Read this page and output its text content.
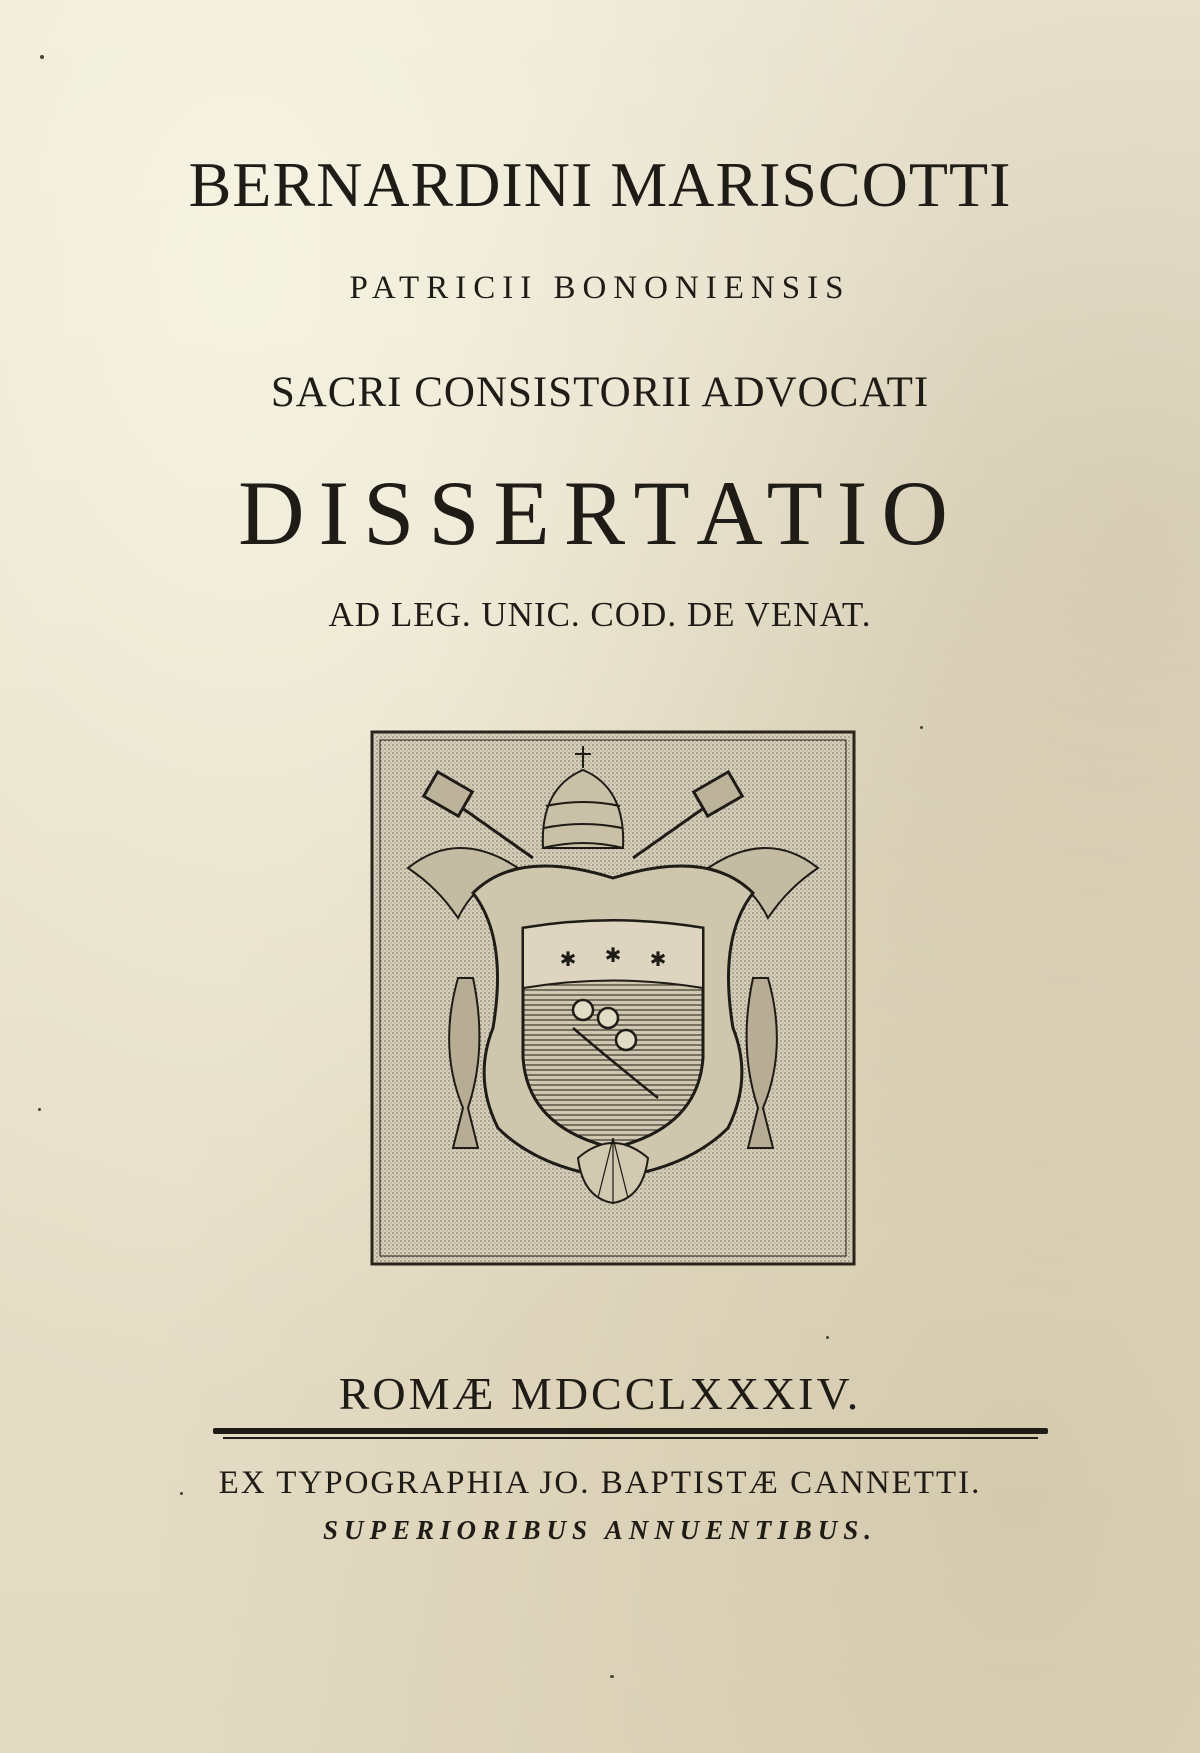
BERNARDINI MARISCOTTI
PATRICII BONONIENSIS
SACRI CONSISTORII ADVOCATI
DISSERTATIO
AD LEG. UNIC. COD. DE VENAT.
✱ ✱ ✱
ROMÆ MDCCLXXXIV.
EX TYPOGRAPHIA JO. BAPTISTÆ CANNETTI.
SUPERIORIBUS ANNUENTIBUS.
